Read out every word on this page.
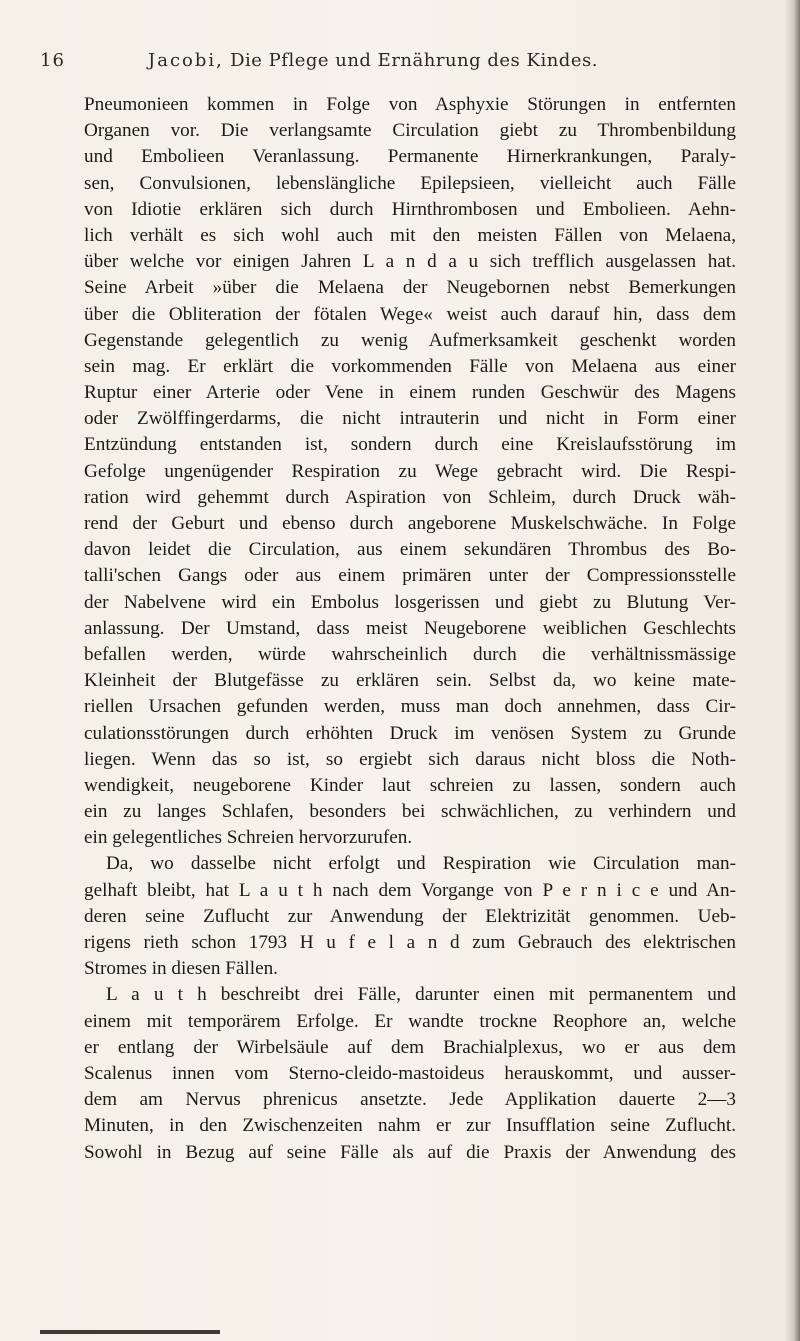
16	Jacobi, Die Pflege und Ernährung des Kindes.
Pneumonieen kommen in Folge von Asphyxie Störungen in entfernten
Organen vor. Die verlangsamte Circulation giebt zu Thrombenbildung
und Embolieen Veranlassung. Permanente Hirnerkrankungen, Paraly-
sen, Convulsionen, lebenslängliche Epilepsieen, vielleicht auch Fälle
von Idiotie erklären sich durch Hirnthrombosen und Embolieen. Aehn-
lich verhält es sich wohl auch mit den meisten Fällen von Melaena,
über welche vor einigen Jahren L a n d a u sich trefflich ausgelassen hat.
Seine Arbeit »über die Melaena der Neugebornen nebst Bemerkungen
über die Obliteration der fötalen Wege« weist auch darauf hin, dass dem
Gegenstande gelegentlich zu wenig Aufmerksamkeit geschenkt worden
sein mag. Er erklärt die vorkommenden Fälle von Melaena aus einer
Ruptur einer Arterie oder Vene in einem runden Geschwür des Magens
oder Zwölffingerdarms, die nicht intrauterin und nicht in Form einer
Entzündung entstanden ist, sondern durch eine Kreislaufsstörung im
Gefolge ungenügender Respiration zu Wege gebracht wird. Die Respi-
ration wird gehemmt durch Aspiration von Schleim, durch Druck wäh-
rend der Geburt und ebenso durch angeborene Muskelschwäche. In Folge
davon leidet die Circulation, aus einem sekundären Thrombus des Bo-
talli'schen Gangs oder aus einem primären unter der Compressionsstelle
der Nabelvene wird ein Embolus losgerissen und giebt zu Blutung Ver-
anlassung. Der Umstand, dass meist Neugeborene weiblichen Geschlechts
befallen werden, würde wahrscheinlich durch die verhältnissmässige
Kleinheit der Blutgefässe zu erklären sein. Selbst da, wo keine mate-
riellen Ursachen gefunden werden, muss man doch annehmen, dass Cir-
culationsstörungen durch erhöhten Druck im venösen System zu Grunde
liegen. Wenn das so ist, so ergiebt sich daraus nicht bloss die Noth-
wendigkeit, neugeborene Kinder laut schreien zu lassen, sondern auch
ein zu langes Schlafen, besonders bei schwächlichen, zu verhindern und
ein gelegentliches Schreien hervorzurufen.
Da, wo dasselbe nicht erfolgt und Respiration wie Circulation man-
gelhaft bleibt, hat L a u t h nach dem Vorgange von P e r n i c e und An-
deren seine Zuflucht zur Anwendung der Elektrizität genommen. Ueb-
rigens rieth schon 1793 H u f e l a n d zum Gebrauch des elektrischen
Stromes in diesen Fällen.
L a u t h beschreibt drei Fälle, darunter einen mit permanentem und
einem mit temporärem Erfolge. Er wandte trockne Reophore an, welche
er entlang der Wirbelsäule auf dem Brachialplexus, wo er aus dem
Scalenus innen vom Sterno-cleido-mastoideus herauskommt, und ausser-
dem am Nervus phrenicus ansetzte. Jede Applikation dauerte 2—3
Minuten, in den Zwischenzeiten nahm er zur Insufflation seine Zuflucht.
Sowohl in Bezug auf seine Fälle als auf die Praxis der Anwendung des
